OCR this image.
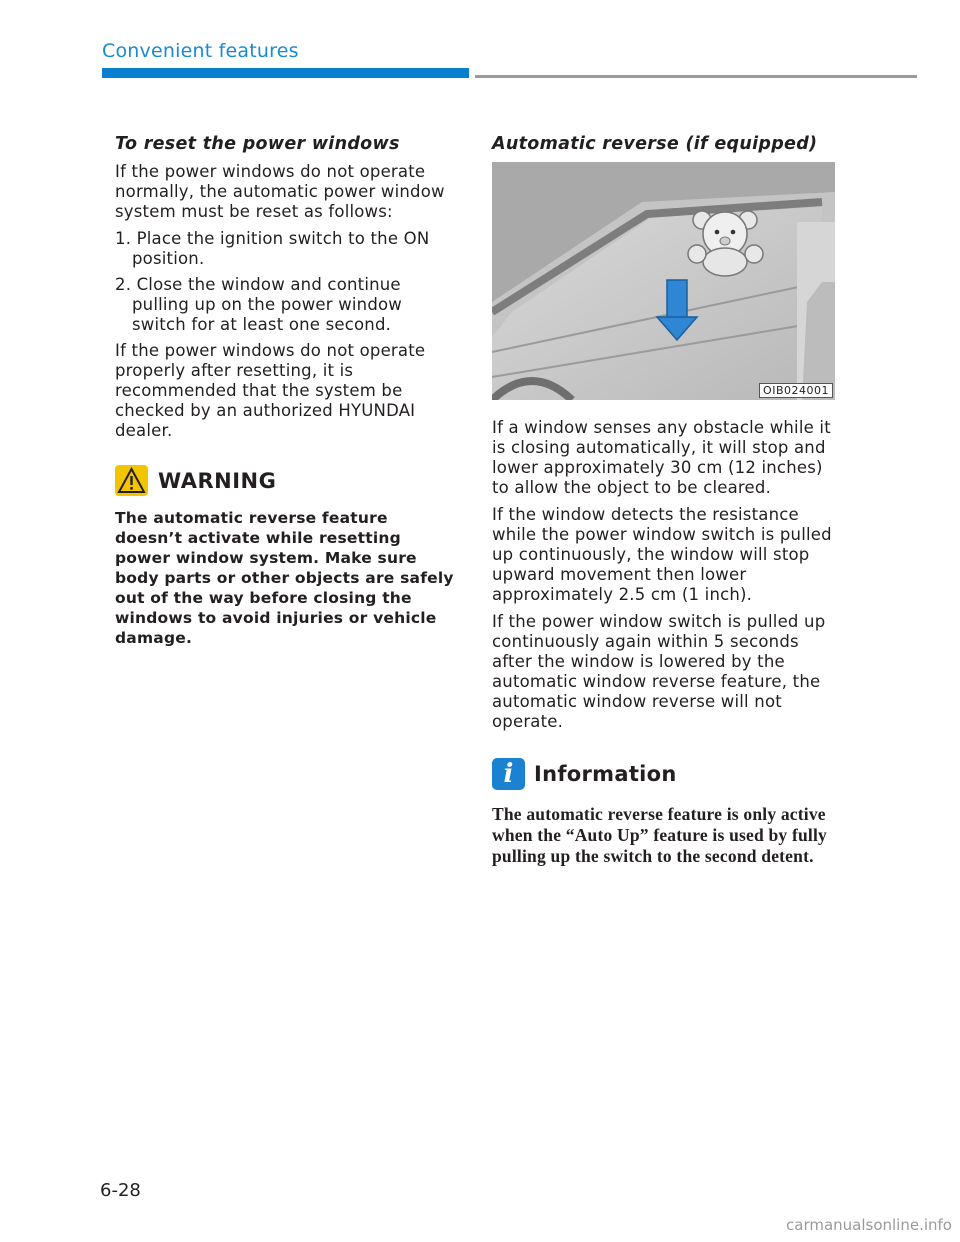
Convenient features
To reset the power windows

If the power windows do not operate normally, the automatic power window system must be reset as follows:

1. Place the ignition switch to the ON position.

2. Close the window and continue pulling up on the power window switch for at least one second.

If the power windows do not operate properly after resetting, it is recommended that the system be checked by an authorized HYUNDAI dealer.

WARNING

The automatic reverse feature doesn’t activate while resetting power window system. Make sure body parts or other objects are safely out of the way before closing the windows to avoid injuries or vehicle damage.

Automatic reverse (if equipped)
OIB024001

If a window senses any obstacle while it is closing automatically, it will stop and lower approximately 30 cm (12 inches) to allow the object to be cleared.

If the window detects the resistance while the power window switch is pulled up continuously, the window will stop upward movement then lower approximately 2.5 cm (1 inch).

If the power window switch is pulled up continuously again within 5 seconds after the window is lowered by the automatic window reverse feature, the automatic window reverse will not operate.

i Information

The automatic reverse feature is only active when the “Auto Up” feature is used by fully pulling up the switch to the second detent.

6-28
carmanualsonline.info
